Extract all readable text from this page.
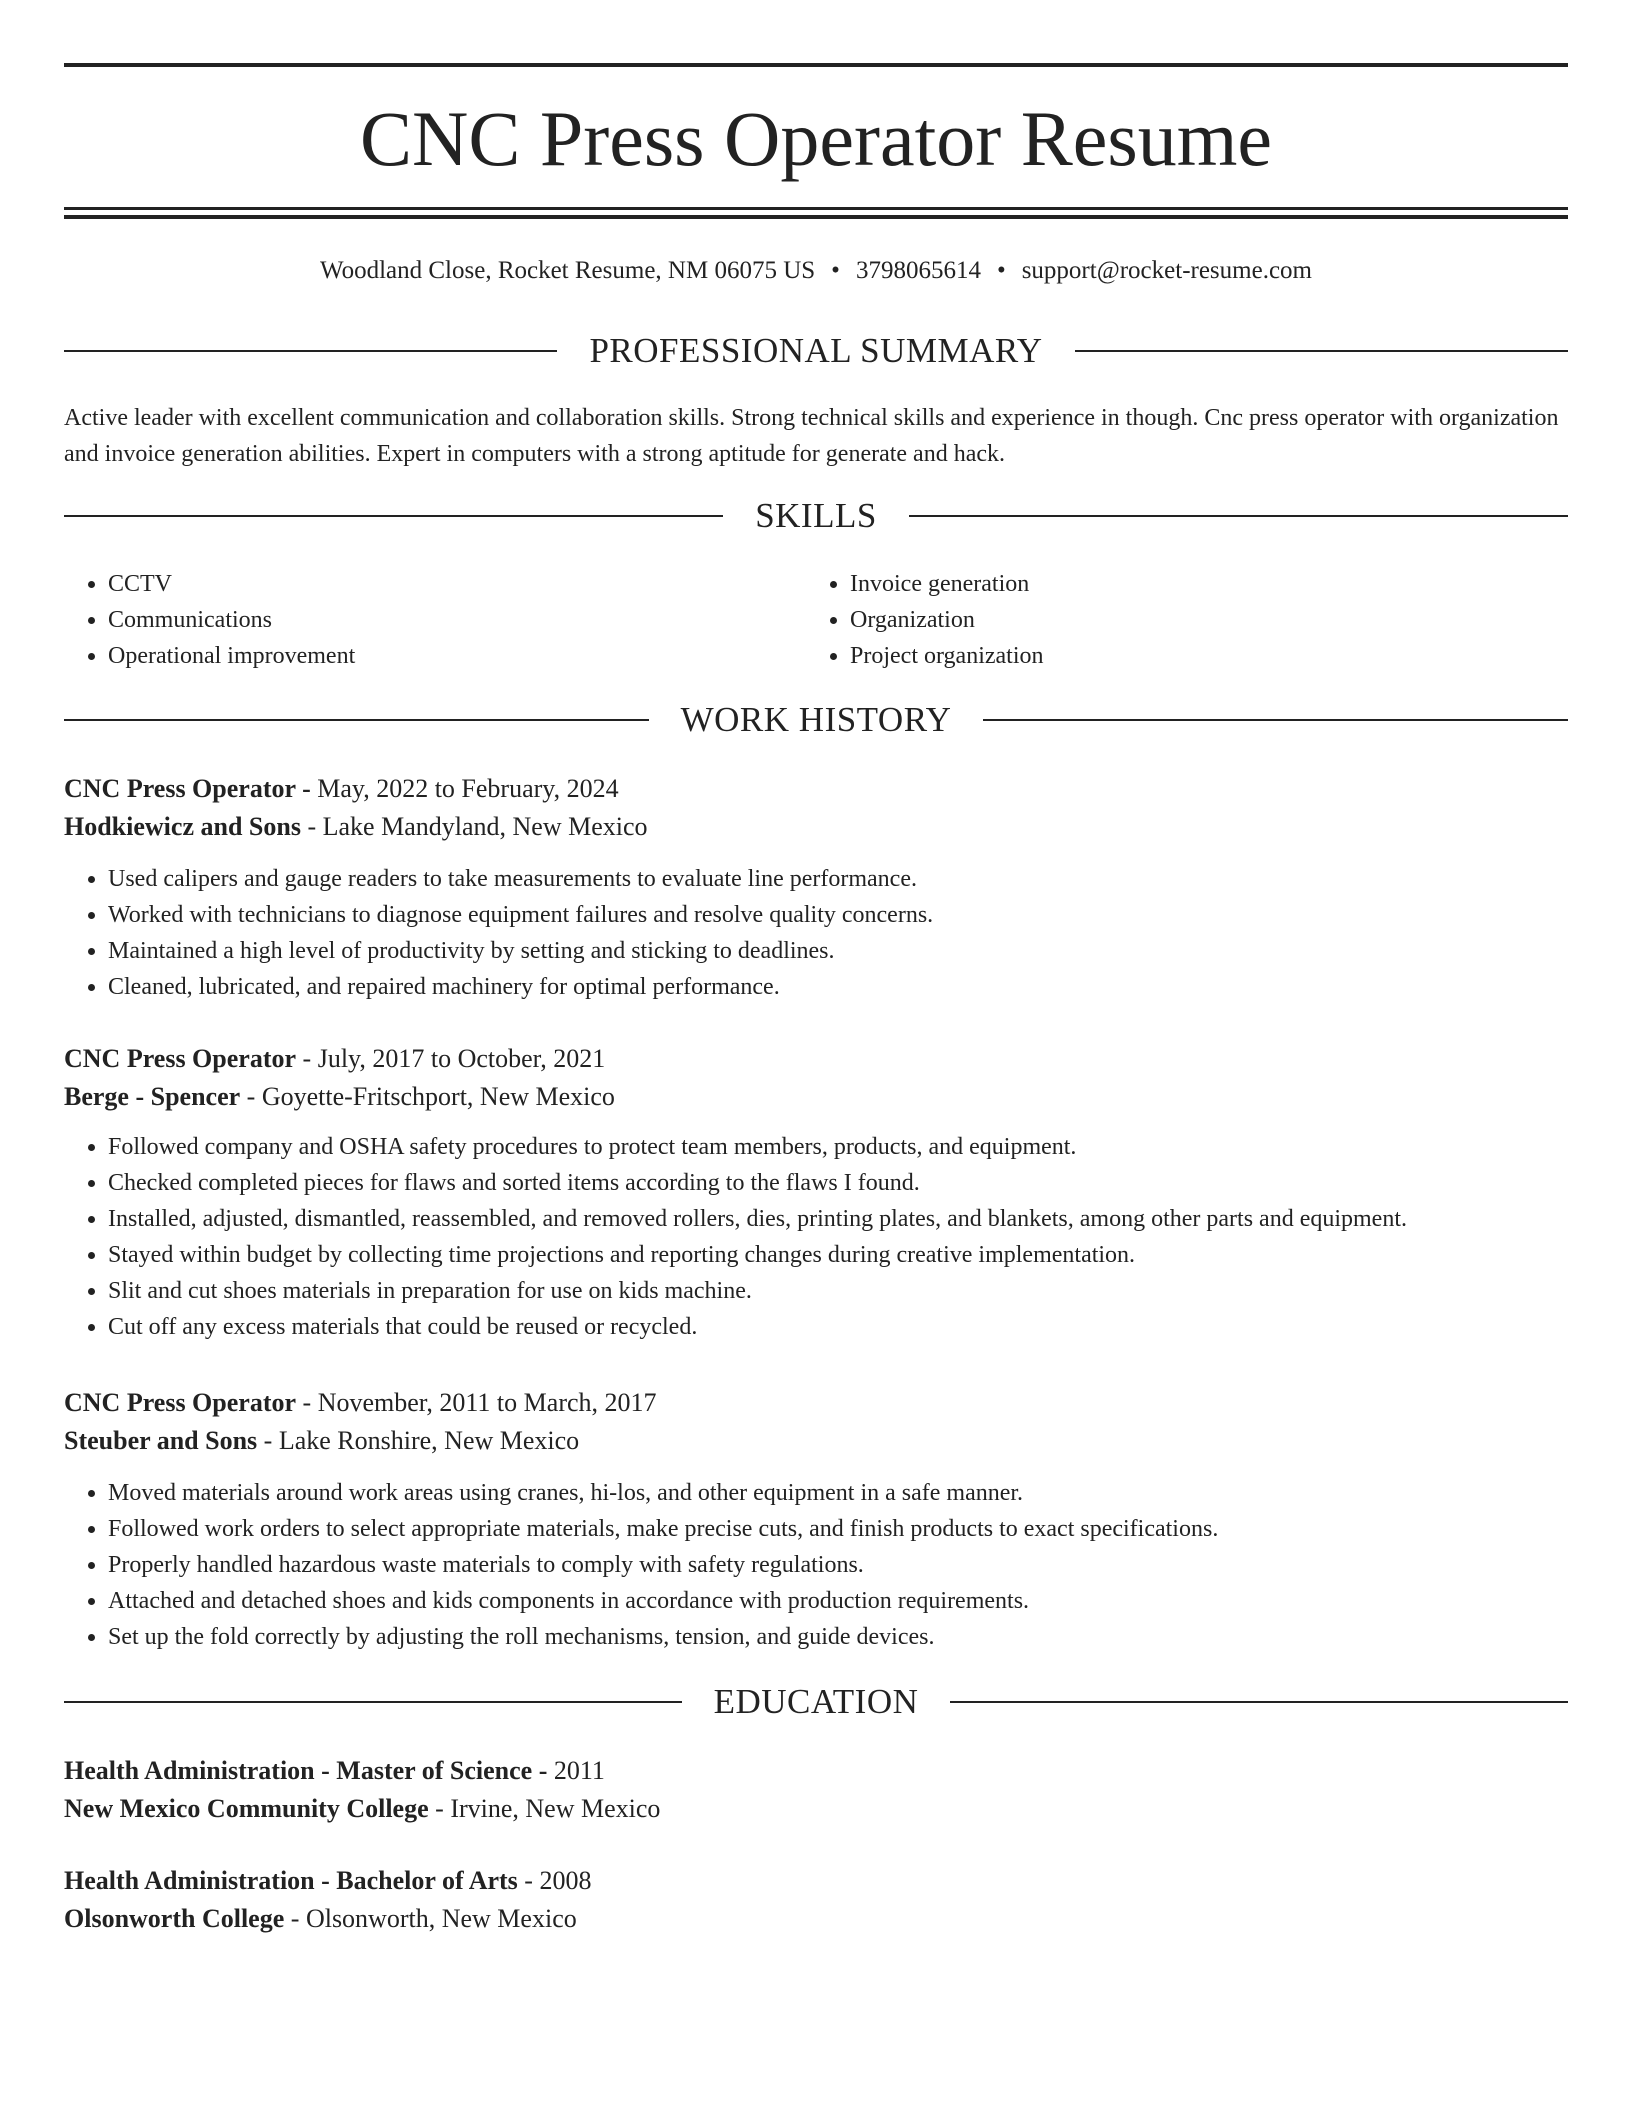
CNC Press Operator Resume
Woodland Close, Rocket Resume, NM 06075 US • 3798065614 • support@rocket-resume.com
PROFESSIONAL SUMMARY

Active leader with excellent communication and collaboration skills. Strong technical skills and experience in though. Cnc press operator with organization and invoice generation abilities. Expert in computers with a strong aptitude for generate and hack.

SKILLS
• CCTV
• Communications
• Operational improvement
• Invoice generation
• Organization
• Project organization
WORK HISTORY

CNC Press Operator - May, 2022 to February, 2024

Hodkiewicz and Sons - Lake Mandyland, New Mexico

• Used calipers and gauge readers to take measurements to evaluate line performance.
• Worked with technicians to diagnose equipment failures and resolve quality concerns.
• Maintained a high level of productivity by setting and sticking to deadlines.
• Cleaned, lubricated, and repaired machinery for optimal performance.

CNC Press Operator - July, 2017 to October, 2021

Berge - Spencer - Goyette-Fritschport, New Mexico

• Followed company and OSHA safety procedures to protect team members, products, and equipment.
• Checked completed pieces for flaws and sorted items according to the flaws I found.
• Installed, adjusted, dismantled, reassembled, and removed rollers, dies, printing plates, and blankets, among other parts and equipment.
• Stayed within budget by collecting time projections and reporting changes during creative implementation.
• Slit and cut shoes materials in preparation for use on kids machine.
• Cut off any excess materials that could be reused or recycled.

CNC Press Operator - November, 2011 to March, 2017

Steuber and Sons - Lake Ronshire, New Mexico

• Moved materials around work areas using cranes, hi-los, and other equipment in a safe manner.
• Followed work orders to select appropriate materials, make precise cuts, and finish products to exact specifications.
• Properly handled hazardous waste materials to comply with safety regulations.
• Attached and detached shoes and kids components in accordance with production requirements.
• Set up the fold correctly by adjusting the roll mechanisms, tension, and guide devices.
EDUCATION

Health Administration - Master of Science - 2011

New Mexico Community College - Irvine, New Mexico

Health Administration - Bachelor of Arts - 2008

Olsonworth College - Olsonworth, New Mexico
